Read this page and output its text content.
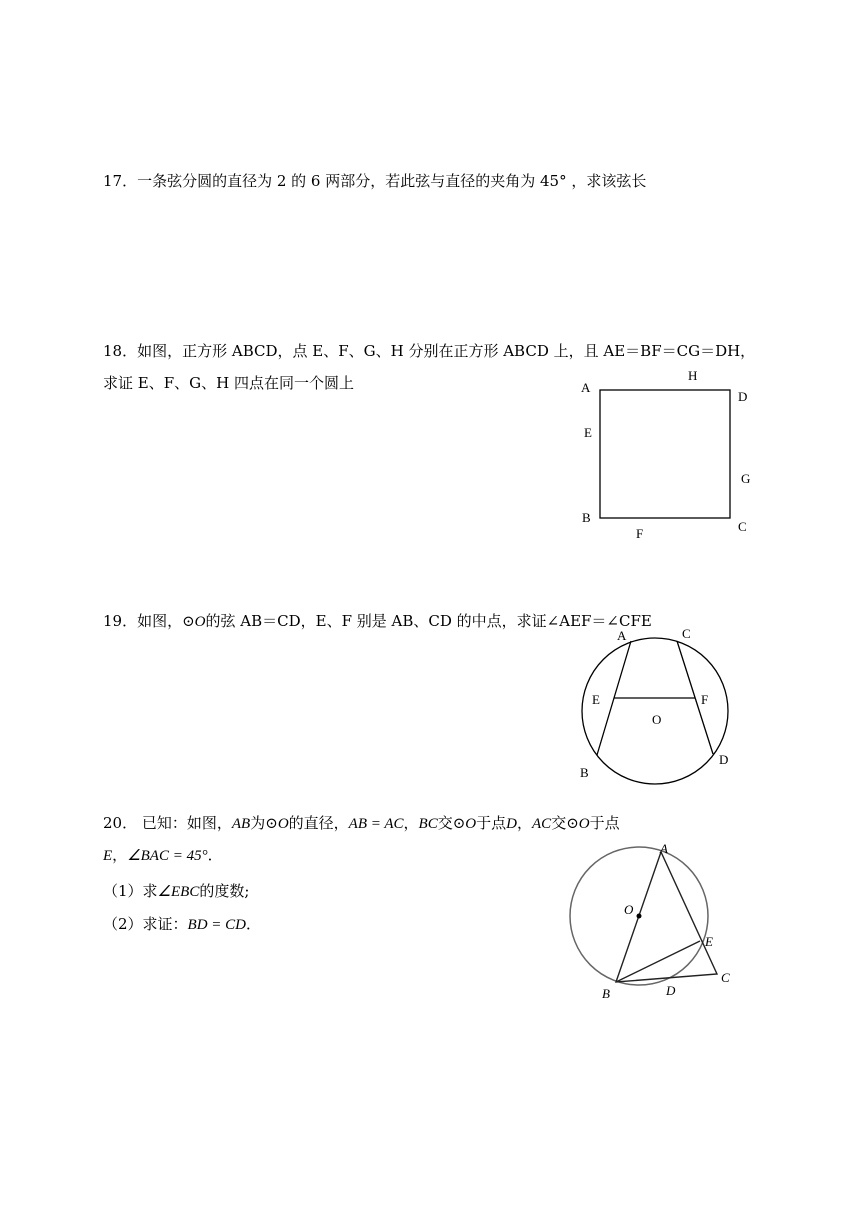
17．一条弦分圆的直径为 2 的 6 两部分，若此弦与直径的夹角为 45° ，求该弦长
18．如图，正方形 ABCD，点 E、F、G、H 分别在正方形 ABCD 上，且 AE＝BF＝CG＝DH，
求证 E、F、G、H 四点在同一个圆上	A
H
D
E
G
B
C
F
A	C
E	F
O
B
D
A
O
E
C
B	D
19．如图，⊙O的弦 AB＝CD，E、F 别是 AB、CD 的中点，求证∠AEF＝∠CFE
20． 已知：如图，AB为⊙O的直径，AB = AC，BC交⊙O于点D，AC交⊙O于点
E，∠BAC = 45°．
（1）求∠EBC的度数;
（2）求证：BD = CD．
